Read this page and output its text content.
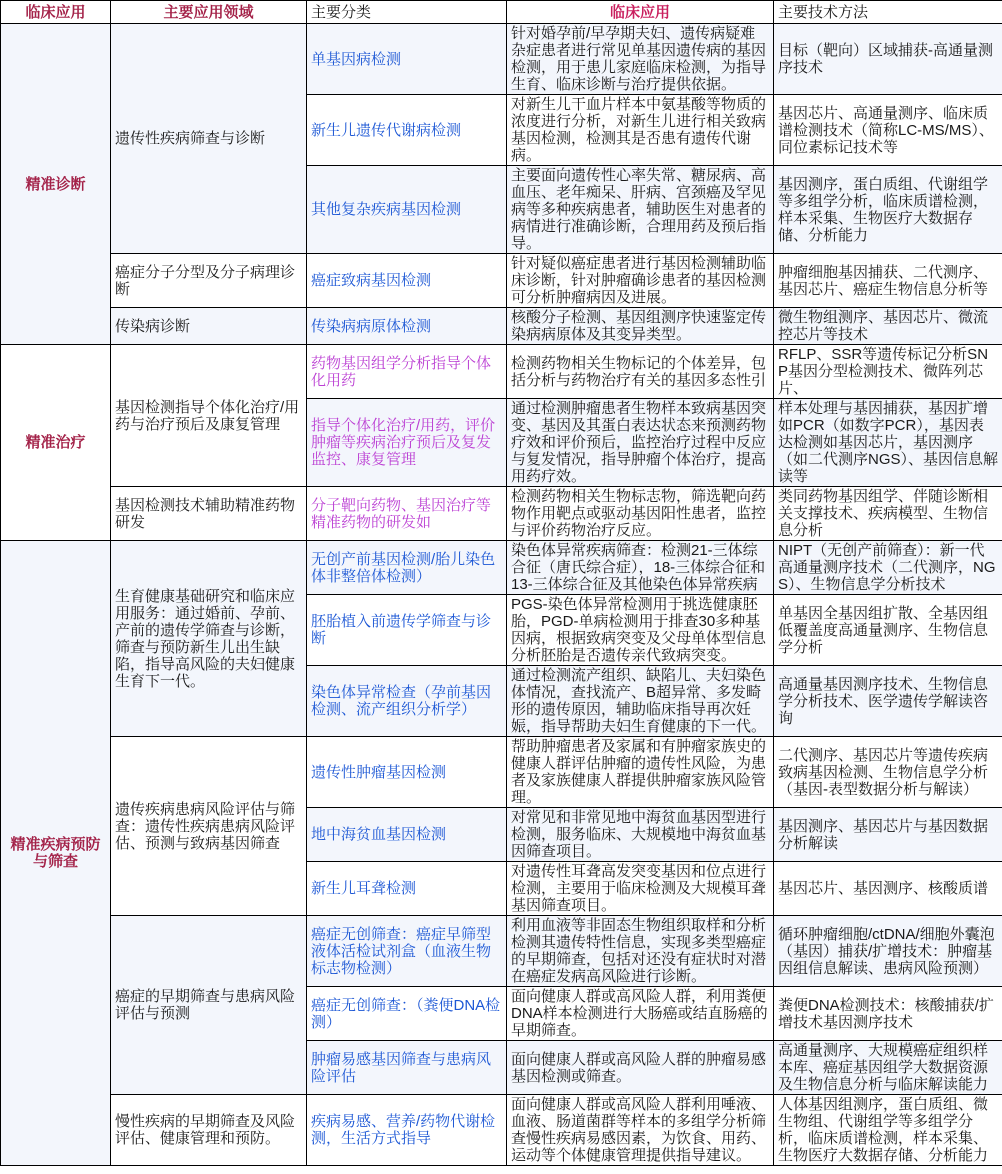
临床应用	主要应用领域	主要分类	临床应用	主要技术方法
精准诊断	遗传性疾病筛查与诊断	单基因病检测	针对婚孕前/早孕期夫妇、遗传病疑难杂症患者进行常见单基因遗传病的基因检测，用于患儿家庭临床检测，为指导生育、临床诊断与治疗提供依据。	目标（靶向）区域捕获-高通量测序技术
		新生儿遗传代谢病检测	对新生儿干血片样本中氨基酸等物质的浓度进行分析，对新生儿进行相关致病基因检测，检测其是否患有遗传代谢病。	基因芯片、高通量测序、临床质谱检测技术（简称LC-MS/MS）、同位素标记技术等
		其他复杂疾病基因检测	主要面向遗传性心率失常、糖尿病、高血压、老年痴呆、肝病、宫颈癌及罕见病等多种疾病患者，辅助医生对患者的病情进行准确诊断，合理用药及预后指导。	基因测序，蛋白质组、代谢组学等多组学分析，临床质谱检测，样本采集、生物医疗大数据存储、分析能力
	癌症分子分型及分子病理诊断	癌症致病基因检测	针对疑似癌症患者进行基因检测辅助临床诊断，针对肿瘤确诊患者的基因检测可分析肿瘤病因及进展。	肿瘤细胞基因捕获、二代测序、基因芯片、癌症生物信息分析等
	传染病诊断	传染病病原体检测	核酸分子检测、基因组测序快速鉴定传染病病原体及其变异类型。	微生物组测序、基因芯片、微流控芯片等技术
精准治疗	基因检测指导个体化治疗/用药与治疗预后及康复管理	药物基因组学分析指导个体化用药	检测药物相关生物标记的个体差异，包括分析与药物治疗有关的基因多态性引	RFLP、SSR等遗传标记分析SNP基因分型检测技术、微阵列芯片、
		指导个体化治疗/用药，评价肿瘤等疾病治疗预后及复发监控、康复管理	通过检测肿瘤患者生物样本致病基因突变、基因及其蛋白表达状态来预测药物疗效和评价预后，监控治疗过程中反应与复发情况，指导肿瘤个体治疗，提高用药疗效。	样本处理与基因捕获，基因扩增如PCR（如数字PCR），基因表达检测如基因芯片，基因测序（如二代测序NGS）、基因信息解读等
	基因检测技术辅助精准药物研发	分子靶向药物、基因治疗等精准药物的研发如	检测药物相关生物标志物，筛选靶向药物作用靶点或驱动基因阳性患者，监控与评价药物治疗反应。	类同药物基因组学、伴随诊断相关支撑技术、疾病模型、生物信息分析
精准疾病预防与筛查	生育健康基础研究和临床应用服务：通过婚前、孕前、产前的遗传学筛查与诊断，筛查与预防新生儿出生缺陷，指导高风险的夫妇健康生育下一代。	无创产前基因检测/胎儿染色体非整倍体检测）	染色体异常疾病筛查：检测21-三体综合征（唐氏综合症），18-三体综合征和13-三体综合征及其他染色体异常疾病	NIPT（无创产前筛查）：新一代高通量测序技术（二代测序，NGS）、生物信息学分析技术
		胚胎植入前遗传学筛查与诊断	PGS-染色体异常检测用于挑选健康胚胎，PGD-单病检测用于排查30多种基因病，根据致病突变及父母单体型信息分析胚胎是否遗传亲代致病突变。	单基因全基因组扩散、全基因组低覆盖度高通量测序、生物信息学分析
		染色体异常检查（孕前基因检测、流产组织分析学）	通过检测流产组织、缺陷儿、夫妇染色体情况，查找流产、B超异常、多发畸形的遗传原因，辅助临床指导再次妊娠，指导帮助夫妇生育健康的下一代。	高通量基因测序技术、生物信息学分析技术、医学遗传学解读咨询
	遗传疾病患病风险评估与筛查：遗传性疾病患病风险评估、预测与致病基因筛查	遗传性肿瘤基因检测	帮助肿瘤患者及家属和有肿瘤家族史的健康人群评估肿瘤的遗传性风险，为患者及家族健康人群提供肿瘤家族风险管理。	二代测序、基因芯片等遗传疾病致病基因检测、生物信息学分析（基因-表型数据分析与解读）
		地中海贫血基因检测	对常见和非常见地中海贫血基因型进行检测，服务临床、大规模地中海贫血基因筛查项目。	基因测序、基因芯片与基因数据分析解读
		新生儿耳聋检测	对遗传性耳聋高发突变基因和位点进行检测，主要用于临床检测及大规模耳聋基因筛查项目。	基因芯片、基因测序、核酸质谱
	癌症的早期筛查与患病风险评估与预测	癌症无创筛查：癌症早筛型液体活检试剂盒（血液生物标志物检测）	利用血液等非固态生物组织取样和分析检测其遗传特性信息，实现多类型癌症的早期筛查，包括对还没有症状时对潜在癌症发病高风险进行诊断。	循环肿瘤细胞/ctDNA/细胞外囊泡（基因）捕获/扩增技术：肿瘤基因组信息解读、患病风险预测）
		癌症无创筛查：（粪便DNA检测）	面向健康人群或高风险人群，利用粪便DNA样本检测进行大肠癌或结直肠癌的早期筛查。	粪便DNA检测技术：核酸捕获/扩增技术基因测序技术
		肿瘤易感基因筛查与患病风险评估	面向健康人群或高风险人群的肿瘤易感基因检测或筛查。	高通量测序、大规模癌症组织样本库、癌症基因组学大数据资源及生物信息分析与临床解读能力
	慢性疾病的早期筛查及风险评估、健康管理和预防。	疾病易感、营养/药物代谢检测，生活方式指导	面向健康人群或高风险人群利用唾液、血液、肠道菌群等样本的多组学分析筛查慢性疾病易感因素，为饮食、用药、运动等个体健康管理提供指导建议。	人体基因组测序，蛋白质组、微生物组、代谢组学等多组学分析，临床质谱检测，样本采集、生物医疗大数据存储、分析能力
